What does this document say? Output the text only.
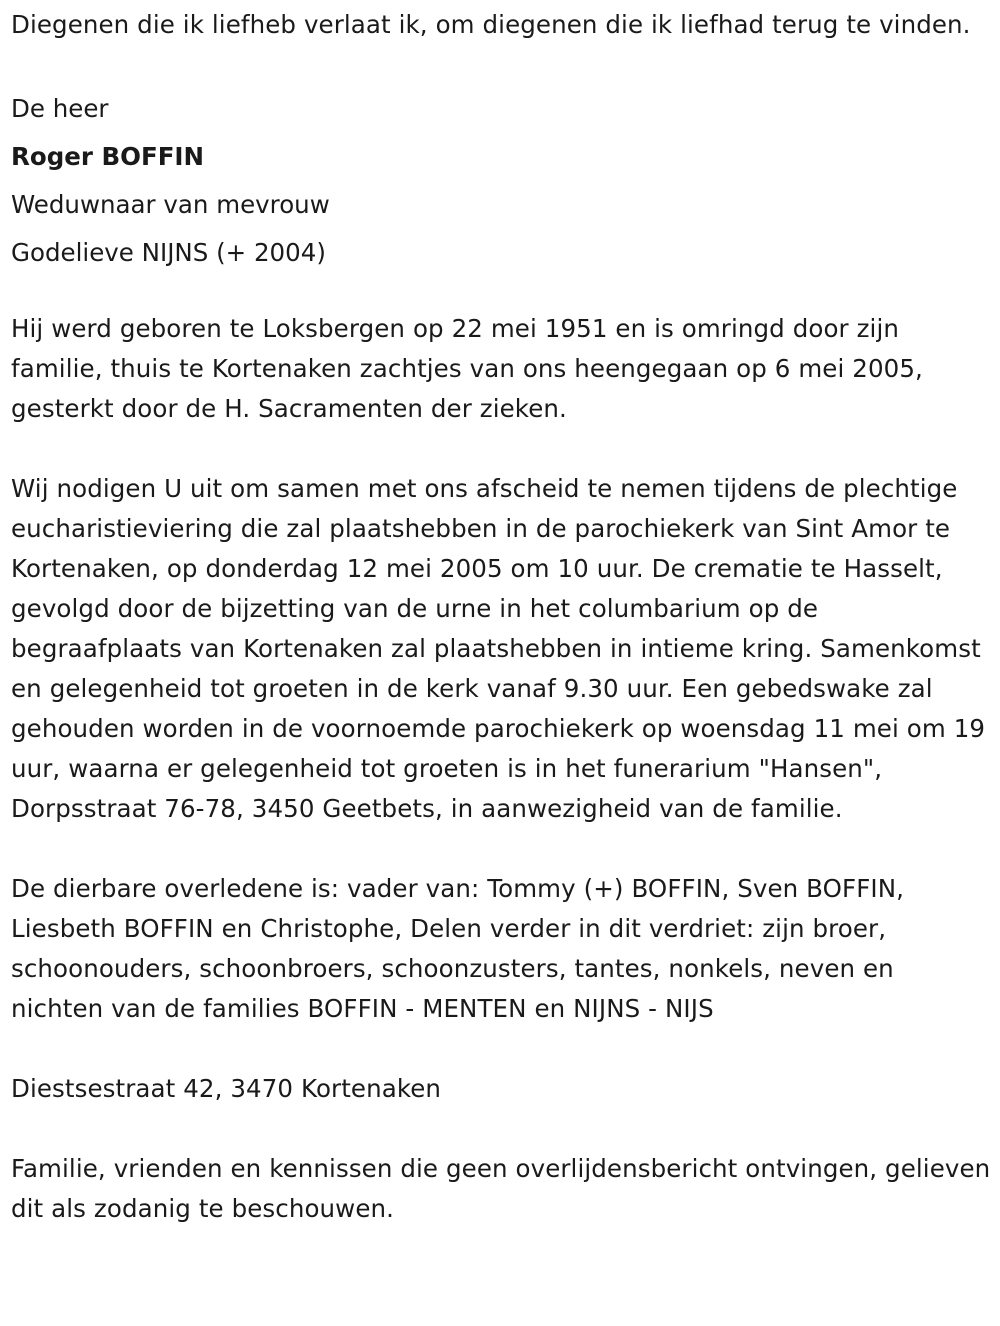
Diegenen die ik liefheb verlaat ik, om diegenen die ik liefhad terug te vinden.

De heer

Roger BOFFIN

Weduwnaar van mevrouw

Godelieve NIJNS (+ 2004)

Hij werd geboren te Loksbergen op 22 mei 1951 en is omringd door zijn familie, thuis te Kortenaken zachtjes van ons heengegaan op 6 mei 2005, gesterkt door de H. Sacramenten der zieken.

Wij nodigen U uit om samen met ons afscheid te nemen tijdens de plechtige eucharistieviering die zal plaatshebben in de parochiekerk van Sint Amor te Kortenaken, op donderdag 12 mei 2005 om 10 uur. De crematie te Hasselt, gevolgd door de bijzetting van de urne in het columbarium op de begraafplaats van Kortenaken zal plaatshebben in intieme kring. Samenkomst en gelegenheid tot groeten in de kerk vanaf 9.30 uur. Een gebedswake zal gehouden worden in de voornoemde parochiekerk op woensdag 11 mei om 19 uur, waarna er gelegenheid tot groeten is in het funerarium "Hansen", Dorpsstraat 76-78, 3450 Geetbets, in aanwezigheid van de familie.

De dierbare overledene is: vader van: Tommy (+) BOFFIN, Sven BOFFIN, Liesbeth BOFFIN en Christophe, Delen verder in dit verdriet: zijn broer, schoonouders, schoonbroers, schoonzusters, tantes, nonkels, neven en nichten van de families BOFFIN - MENTEN en NIJNS - NIJS

Diestsestraat 42, 3470 Kortenaken

Familie, vrienden en kennissen die geen overlijdensbericht ontvingen, gelieven dit als zodanig te beschouwen.
